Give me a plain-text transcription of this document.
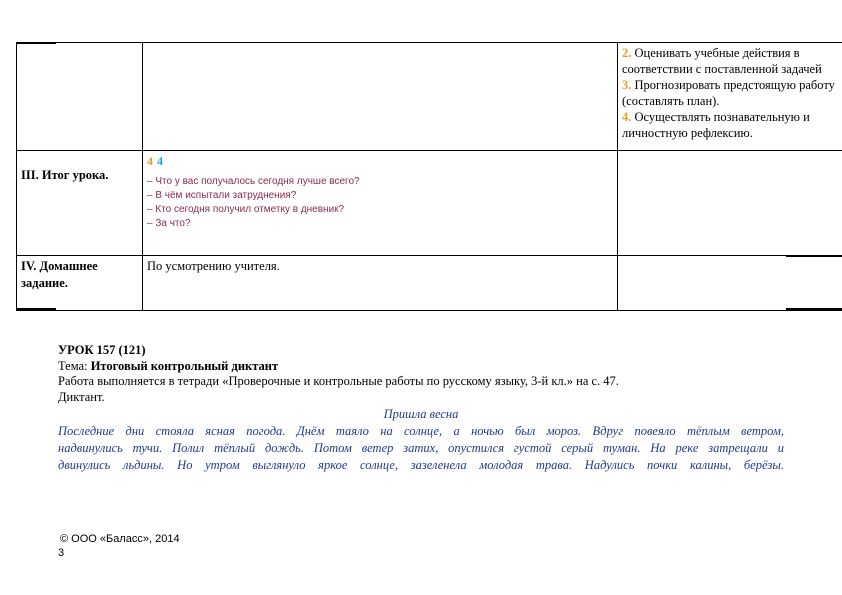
		2. Оценивать учебные действия в соответствии с поставленной задачей
3. Прогнозировать предстоящую работу (составлять план).
4. Осуществлять познавательную и личностную рефлексию.

III. Итог урока.	4 4
– Что у вас получалось сегодня лучше всего?
– В чём испытали затруднения?
– Кто сегодня получил отметку в дневник?
– За что?	

IV. Домашнее задание.	По усмотрению учителя.	

УРОК 157 (121)
Тема: Итоговый контрольный диктант
Работа выполняется в тетради «Проверочные и контрольные работы по русскому языку, 3-й кл.» на с. 47.
Диктант.
Пришла весна
Последние дни стояла ясная погода. Днём таяло на солнце, а ночью был мороз. Вдруг повеяло тёплым ветром,
надвинулись тучи. Полил тёплый дождь. Потом ветер затих, опустился густой серый туман. На реке затрещали и
двинулись льдины. Но утром выглянуло яркое солнце, зазеленела молодая трава. Надулись почки калины, берёзы.
© ООО «Баласс», 2014
3
